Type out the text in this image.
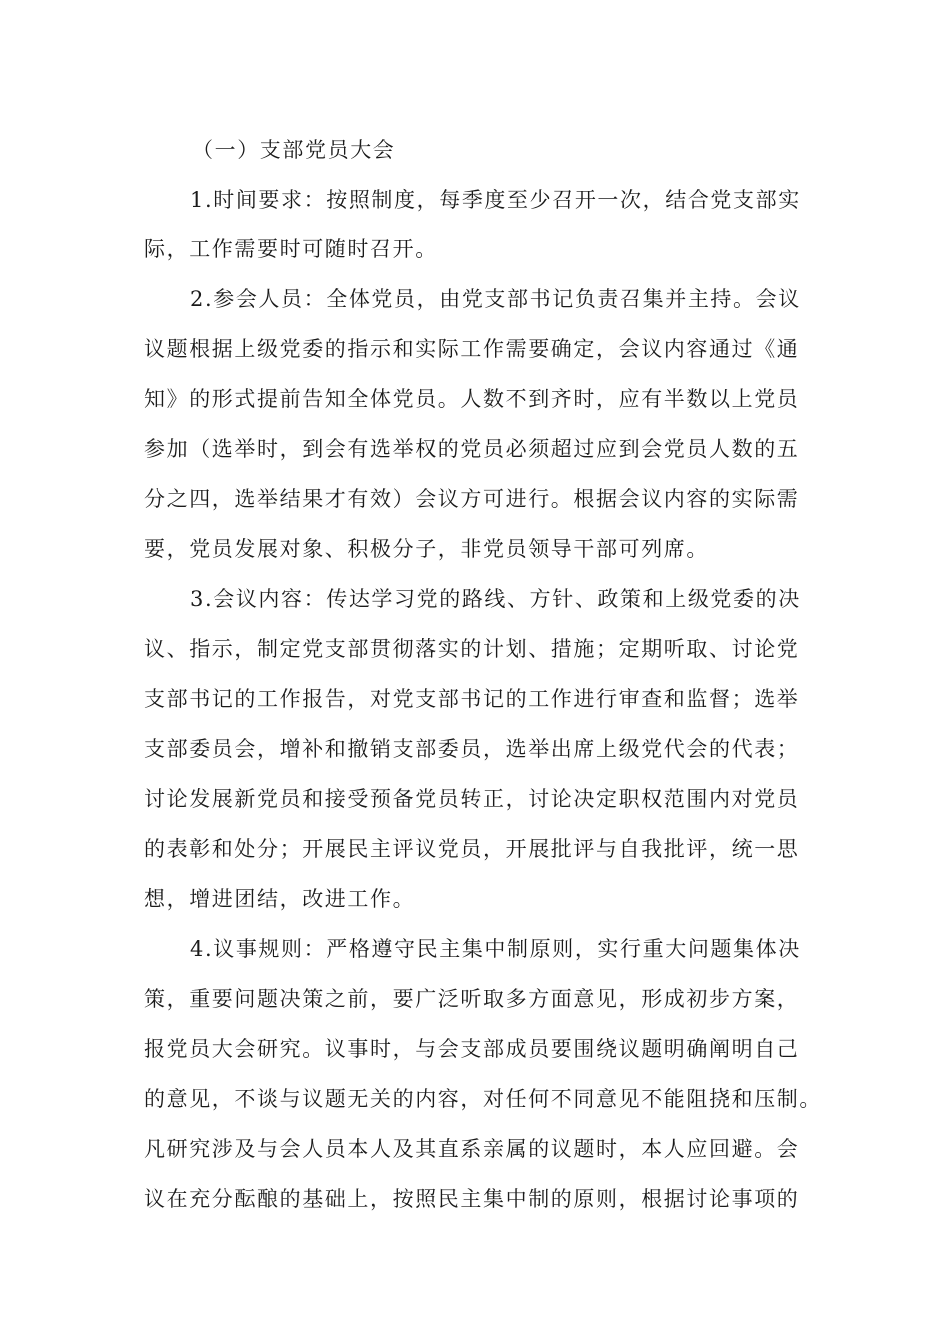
（一）支部党员大会
1.时间要求：按照制度，每季度至少召开一次，结合党支部实
际，工作需要时可随时召开。
2.参会人员：全体党员，由党支部书记负责召集并主持。会议
议题根据上级党委的指示和实际工作需要确定，会议内容通过《通
知》的形式提前告知全体党员。人数不到齐时，应有半数以上党员
参加（选举时，到会有选举权的党员必须超过应到会党员人数的五
分之四，选举结果才有效）会议方可进行。根据会议内容的实际需
要，党员发展对象、积极分子，非党员领导干部可列席。
3.会议内容：传达学习党的路线、方针、政策和上级党委的决
议、指示，制定党支部贯彻落实的计划、措施；定期听取、讨论党
支部书记的工作报告，对党支部书记的工作进行审查和监督；选举
支部委员会，增补和撤销支部委员，选举出席上级党代会的代表；
讨论发展新党员和接受预备党员转正，讨论决定职权范围内对党员
的表彰和处分；开展民主评议党员，开展批评与自我批评，统一思
想，增进团结，改进工作。
4.议事规则：严格遵守民主集中制原则，实行重大问题集体决
策，重要问题决策之前，要广泛听取多方面意见，形成初步方案，
报党员大会研究。议事时，与会支部成员要围绕议题明确阐明自己
的意见，不谈与议题无关的内容，对任何不同意见不能阻挠和压制。
凡研究涉及与会人员本人及其直系亲属的议题时，本人应回避。会
议在充分酝酿的基础上，按照民主集中制的原则，根据讨论事项的
